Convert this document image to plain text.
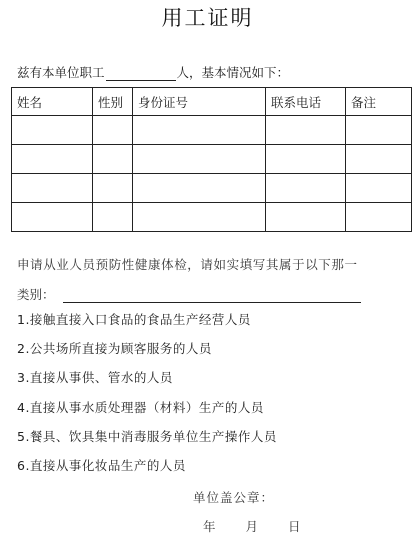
用工证明
兹有本单位职工	人，基本情况如下：
姓名	性别	身份证号	联系电话	备注

申请从业人员预防性健康体检，请如实填写其属于以下那一
类别：
1.接触直接入口食品的食品生产经营人员
2.公共场所直接为顾客服务的人员
3.直接从事供、管水的人员
4.直接从事水质处理器（材料）生产的人员
5.餐具、饮具集中消毒服务单位生产操作人员
6.直接从事化妆品生产的人员
单位盖公章：
年 月 日
